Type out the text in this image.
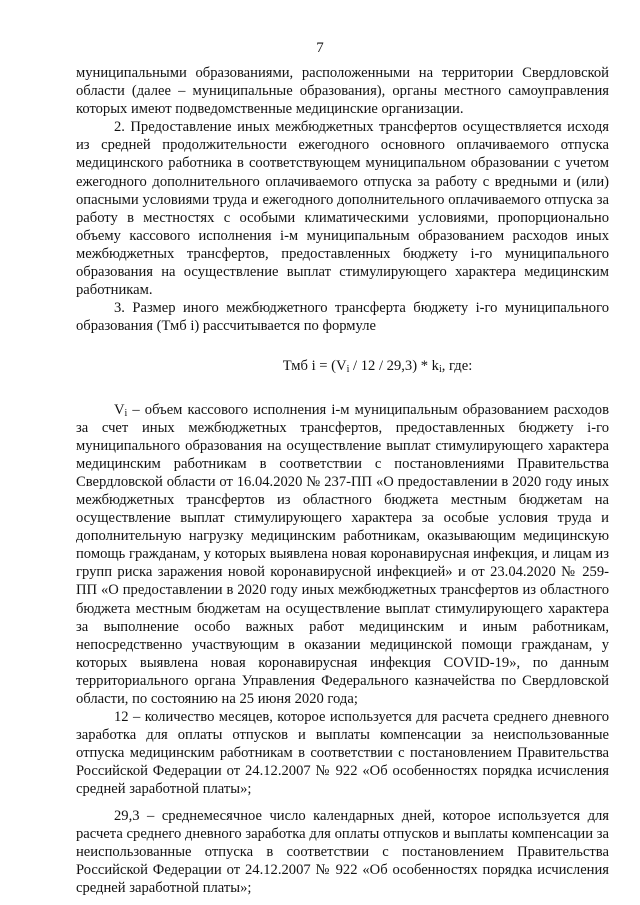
7

муниципальными образованиями, расположенными на территории Свердловской области (далее – муниципальные образования), органы местного самоуправления которых имеют подведомственные медицинские организации.

2. Предоставление иных межбюджетных трансфертов осуществляется исходя из средней продолжительности ежегодного основного оплачиваемого отпуска медицинского работника в соответствующем муниципальном образовании с учетом ежегодного дополнительного оплачиваемого отпуска за работу с вредными и (или) опасными условиями труда и ежегодного дополнительного оплачиваемого отпуска за работу в местностях с особыми климатическими условиями, пропорционально объему кассового исполнения i-м муниципальным образованием расходов иных межбюджетных трансфертов, предоставленных бюджету i-го муниципального образования на осуществление выплат стимулирующего характера медицинским работникам.

3. Размер иного межбюджетного трансферта бюджету i-го муниципального образования (Тмб i) рассчитывается по формуле

Тмб $i = (V_i / 12 / 29,3) * k_i$, где:

$V_i$ – объем кассового исполнения i-м муниципальным образованием расходов за счет иных межбюджетных трансфертов, предоставленных бюджету i-го муниципального образования на осуществление выплат стимулирующего характера медицинским работникам в соответствии с постановлениями Правительства Свердловской области от 16.04.2020 № 237-ПП «О предоставлении в 2020 году иных межбюджетных трансфертов из областного бюджета местным бюджетам на осуществление выплат стимулирующего характера за особые условия труда и дополнительную нагрузку медицинским работникам, оказывающим медицинскую помощь гражданам, у которых выявлена новая коронавирусная инфекция, и лицам из групп риска заражения новой коронавирусной инфекцией» и от 23.04.2020 № 259-ПП «О предоставлении в 2020 году иных межбюджетных трансфертов из областного бюджета местным бюджетам на осуществление выплат стимулирующего характера за выполнение особо важных работ медицинским и иным работникам, непосредственно участвующим в оказании медицинской помощи гражданам, у которых выявлена новая коронавирусная инфекция COVID-19», по данным территориального органа Управления Федерального казначейства по Свердловской области, по состоянию на 25 июня 2020 года;

12 – количество месяцев, которое используется для расчета среднего дневного заработка для оплаты отпусков и выплаты компенсации за неиспользованные отпуска медицинским работникам в соответствии с постановлением Правительства Российской Федерации от 24.12.2007 № 922 «Об особенностях порядка исчисления средней заработной платы»;

29,3 – среднемесячное число календарных дней, которое используется для расчета среднего дневного заработка для оплаты отпусков и выплаты компенсации за неиспользованные отпуска в соответствии с постановлением Правительства Российской Федерации от 24.12.2007 № 922 «Об особенностях порядка исчисления средней заработной платы»;
